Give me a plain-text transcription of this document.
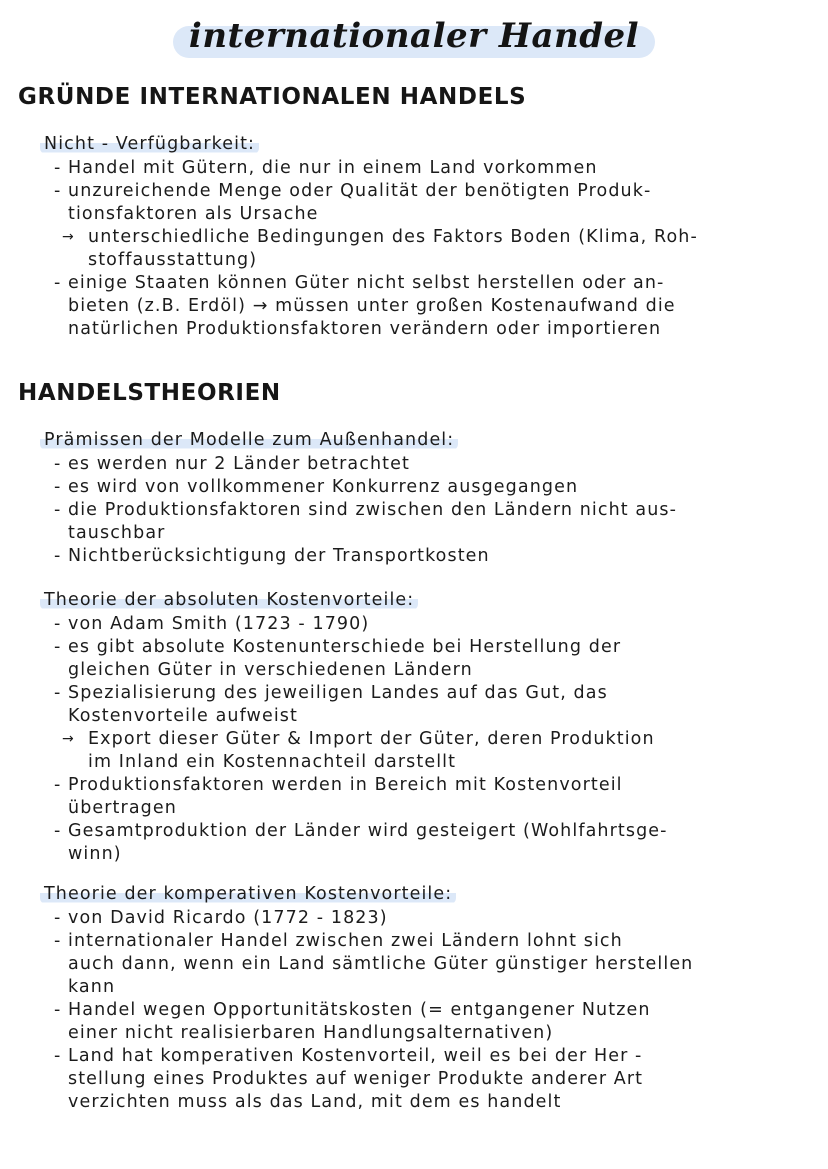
internationaler Handel
GRÜNDE INTERNATIONALEN HANDELS
Nicht - Verfügbarkeit:
- Handel mit Gütern, die nur in einem Land vorkommen
- unzureichende Menge oder Qualität der benötigten Produk-
tionsfaktoren als Ursache
→ unterschiedliche Bedingungen des Faktors Boden (Klima, Roh-
stoffausstattung)
- einige Staaten können Güter nicht selbst herstellen oder an-
bieten (z.B. Erdöl) → müssen unter großen Kostenaufwand die
natürlichen Produktionsfaktoren verändern oder importieren
HANDELSTHEORIEN
Prämissen der Modelle zum Außenhandel:
- es werden nur 2 Länder betrachtet
- es wird von vollkommener Konkurrenz ausgegangen
- die Produktionsfaktoren sind zwischen den Ländern nicht aus-
tauschbar
- Nichtberücksichtigung der Transportkosten
Theorie der absoluten Kostenvorteile:
- von Adam Smith (1723 - 1790)
- es gibt absolute Kostenunterschiede bei Herstellung der
gleichen Güter in verschiedenen Ländern
- Spezialisierung des jeweiligen Landes auf das Gut, das
Kostenvorteile aufweist
→ Export dieser Güter & Import der Güter, deren Produktion
im Inland ein Kostennachteil darstellt
- Produktionsfaktoren werden in Bereich mit Kostenvorteil
übertragen
- Gesamtproduktion der Länder wird gesteigert (Wohlfahrtsge-
winn)
Theorie der komperativen Kostenvorteile:
- von David Ricardo (1772 - 1823)
- internationaler Handel zwischen zwei Ländern lohnt sich
auch dann, wenn ein Land sämtliche Güter günstiger herstellen
kann
- Handel wegen Opportunitätskosten (= entgangener Nutzen
einer nicht realisierbaren Handlungsalternativen)
- Land hat komperativen Kostenvorteil, weil es bei der Her -
stellung eines Produktes auf weniger Produkte anderer Art
verzichten muss als das Land, mit dem es handelt
